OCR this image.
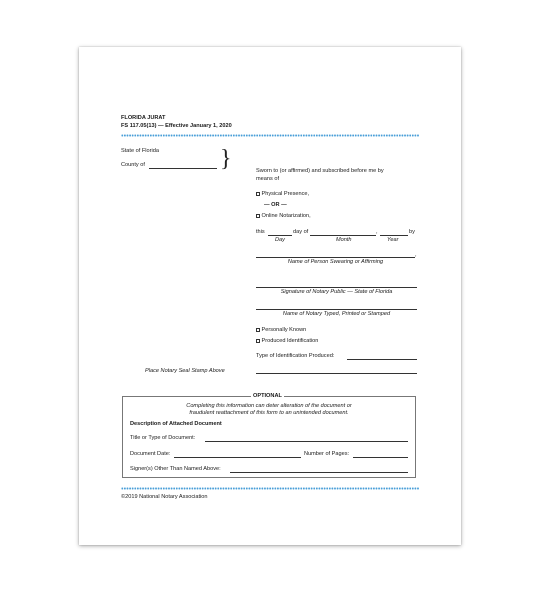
FLORIDA JURAT
FS 117.05(13) — Effective January 1, 2020
State of Florida
County of	}	Sworn to (or affirmed) and subscribed before me by
means of
Physical Presence,
— OR —
Online Notarization,
this	day of	,	by
Day	Month	Year
,
Name of Person Swearing or Affirming
Signature of Notary Public — State of Florida
Name of Notary Typed, Printed or Stamped
Personally Known
Produced Identification
Type of Identification Produced:
Place Notary Seal Stamp Above
OPTIONAL
Completing this information can deter alteration of the document or
fraudulent reattachment of this form to an unintended document.
Description of Attached Document
Title or Type of Document:
Document Date:	Number of Pages:
Signer(s) Other Than Named Above:
©2019 National Notary Association
